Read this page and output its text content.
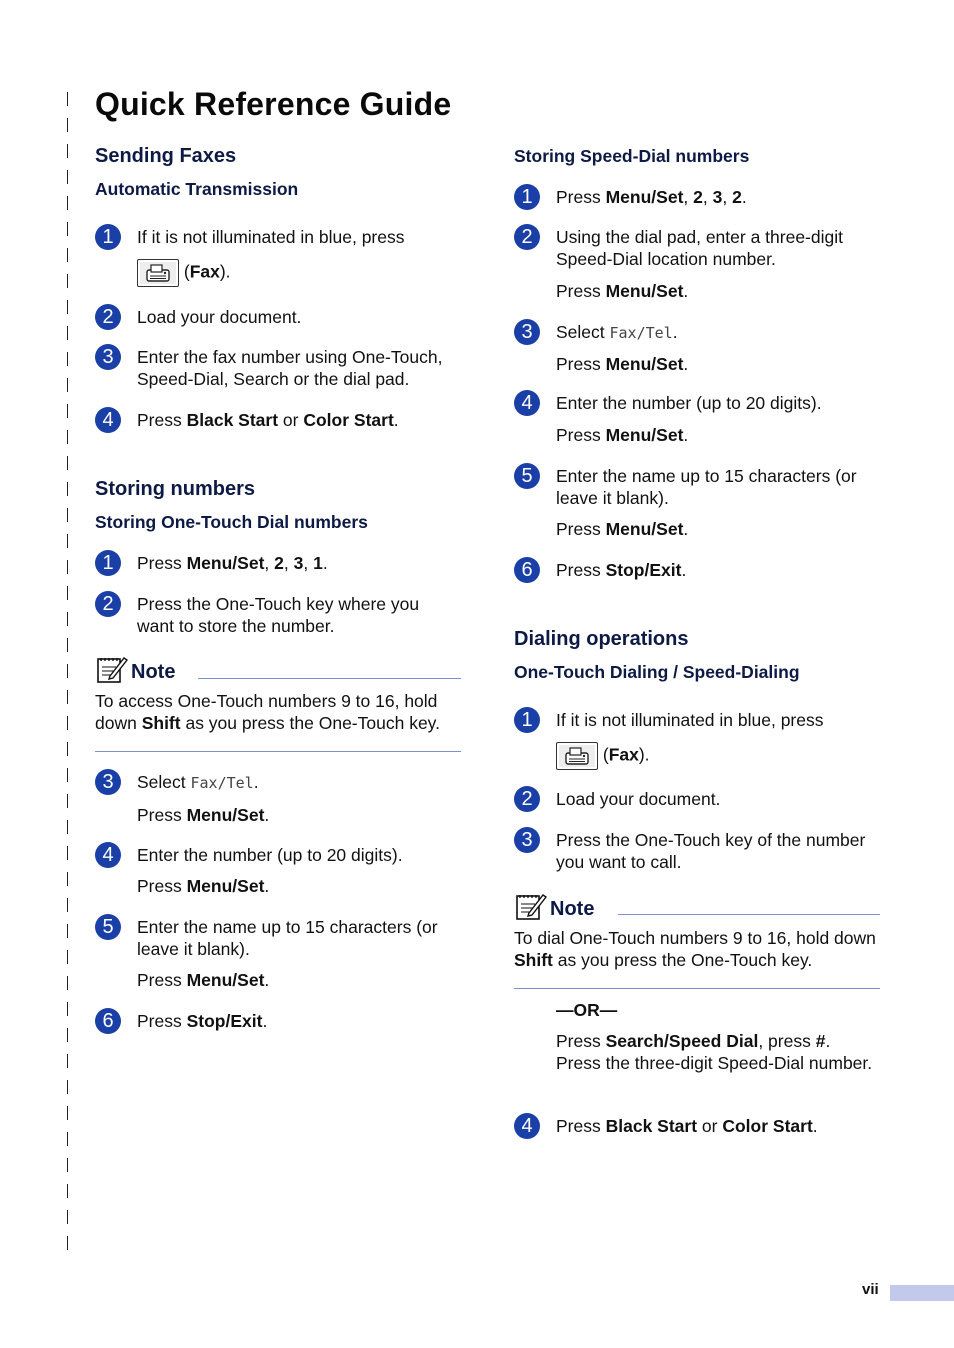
Quick Reference Guide
Sending Faxes
Automatic Transmission
1	If it is not illuminated in blue, press
(Fax).
2	Load your document.
3	Enter the fax number using One-Touch, Speed-Dial, Search or the dial pad.
4	Press Black Start or Color Start.
Storing numbers
Storing One-Touch Dial numbers
1	Press Menu/Set, 2, 3, 1.
2	Press the One-Touch key where you want to store the number.
Note
To access One-Touch numbers 9 to 16, hold down Shift as you press the One-Touch key.
3	Select Fax/Tel.
Press Menu/Set.
4	Enter the number (up to 20 digits).
Press Menu/Set.
5	Enter the name up to 15 characters (or leave it blank).
Press Menu/Set.
6	Press Stop/Exit.
Storing Speed-Dial numbers
1	Press Menu/Set, 2, 3, 2.
2	Using the dial pad, enter a three-digit Speed-Dial location number.
Press Menu/Set.
3	Select Fax/Tel.
Press Menu/Set.
4	Enter the number (up to 20 digits).
Press Menu/Set.
5	Enter the name up to 15 characters (or leave it blank).
Press Menu/Set.
6	Press Stop/Exit.
Dialing operations
One-Touch Dialing / Speed-Dialing
1	If it is not illuminated in blue, press
(Fax).
2	Load your document.
3	Press the One-Touch key of the number you want to call.
Note
To dial One-Touch numbers 9 to 16, hold down Shift as you press the One-Touch key.
—OR—
Press Search/Speed Dial, press #. Press the three-digit Speed-Dial number.
4	Press Black Start or Color Start.
vii
